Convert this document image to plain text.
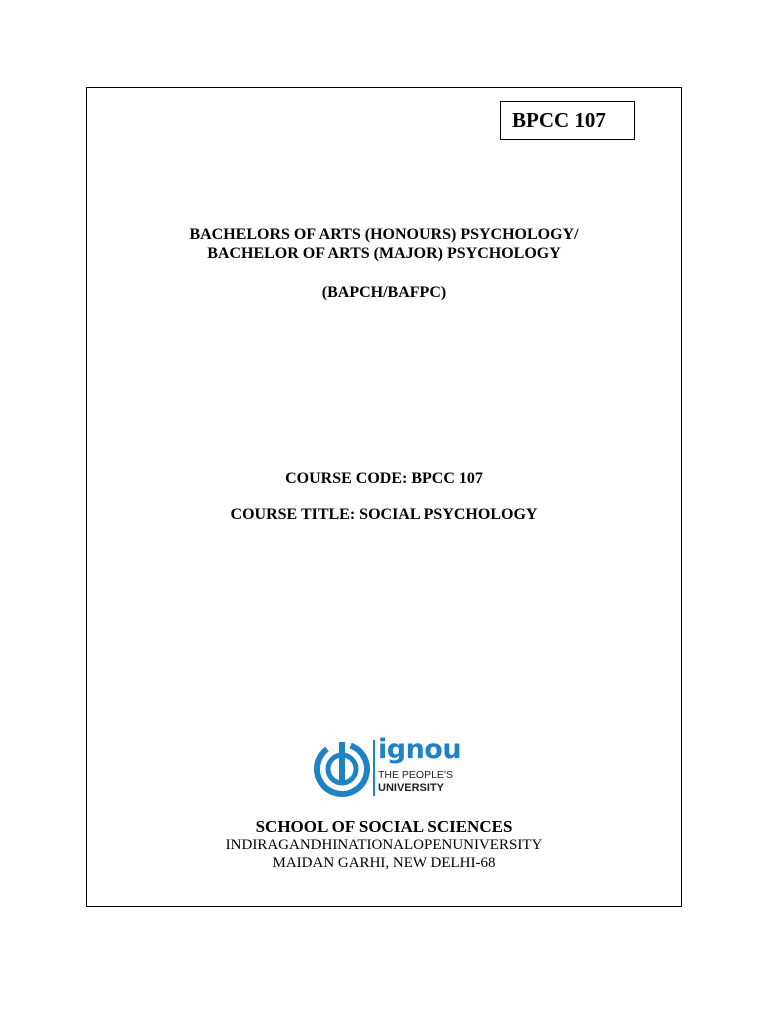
BPCC 107
BACHELORS OF ARTS (HONOURS) PSYCHOLOGY/
BACHELOR OF ARTS (MAJOR) PSYCHOLOGY
(BAPCH/BAFPC)
COURSE CODE: BPCC 107
COURSE TITLE: SOCIAL PSYCHOLOGY
ignou
THE PEOPLE'S
UNIVERSITY
SCHOOL OF SOCIAL SCIENCES
INDIRAGANDHINATIONALOPENUNIVERSITY
MAIDAN GARHI, NEW DELHI-68
